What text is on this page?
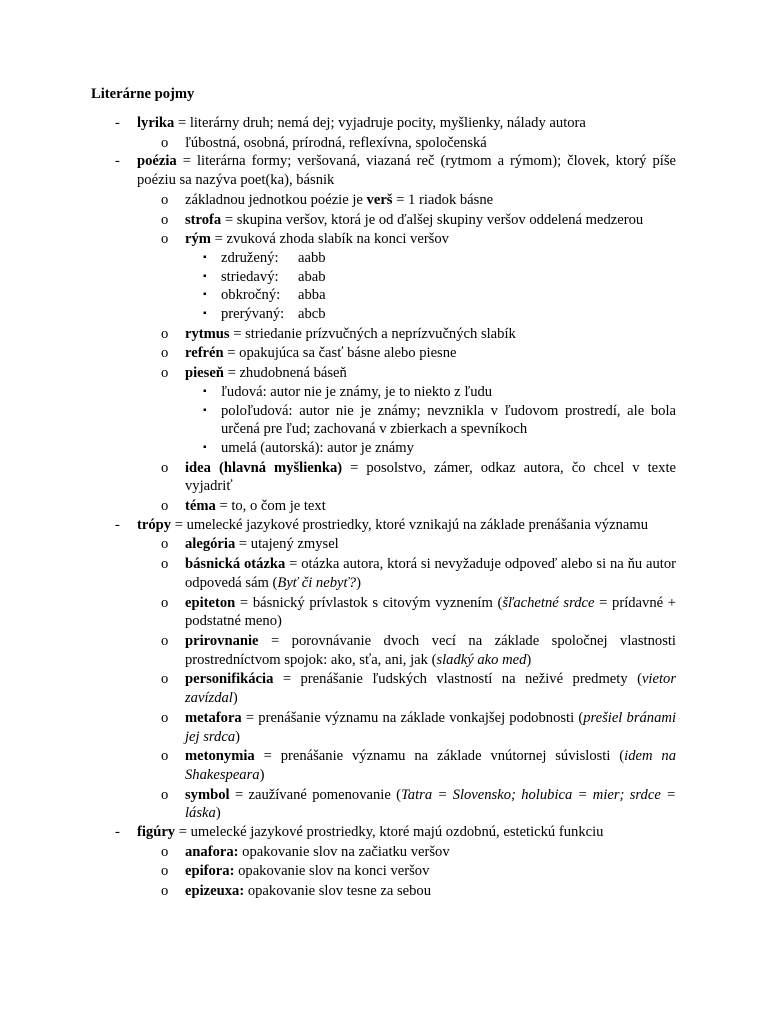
Literárne pojmy
- lyrika = literárny druh; nemá dej; vyjadruje pocity, myšlienky, nálady autora
o ľúbostná, osobná, prírodná, reflexívna, spoločenská
- poézia = literárna formy; veršovaná, viazaná reč (rytmom a rýmom); človek, ktorý píše poéziu sa nazýva poet(ka), básnik
o základnou jednotkou poézie je verš = 1 riadok básne
o strofa = skupina veršov, ktorá je od ďalšej skupiny veršov oddelená medzerou
o rým = zvuková zhoda slabík na konci veršov
▪ združený: aabb
▪ striedavý: abab
▪ obkročný: abba
▪ prerývaný: abcb
o rytmus = striedanie prízvučných a neprízvučných slabík
o refrén = opakujúca sa časť básne alebo piesne
o pieseň = zhudobnená báseň
▪ ľudová: autor nie je známy, je to niekto z ľudu
▪ poloľudová: autor nie je známy; nevznikla v ľudovom prostredí, ale bola určená pre ľud; zachovaná v zbierkach a spevníkoch
▪ umelá (autorská): autor je známy
o idea (hlavná myšlienka) = posolstvo, zámer, odkaz autora, čo chcel v texte vyjadriť
o téma = to, o čom je text
- trópy = umelecké jazykové prostriedky, ktoré vznikajú na základe prenášania významu
o alegória = utajený zmysel
o básnická otázka = otázka autora, ktorá si nevyžaduje odpoveď alebo si na ňu autor odpovedá sám (Byť či nebyť?)
o epiteton = básnický prívlastok s citovým vyznením (šľachetné srdce = prídavné + podstatné meno)
o prirovnanie = porovnávanie dvoch vecí na základe spoločnej vlastnosti prostredníctvom spojok: ako, sťa, ani, jak (sladký ako med)
o personifikácia = prenášanie ľudských vlastností na neživé predmety (vietor zavízdal)
o metafora = prenášanie významu na základe vonkajšej podobnosti (prešiel bránami jej srdca)
o metonymia = prenášanie významu na základe vnútornej súvislosti (idem na Shakespeara)
o symbol = zaužívané pomenovanie (Tatra = Slovensko; holubica = mier; srdce = láska)
- figúry = umelecké jazykové prostriedky, ktoré majú ozdobnú, estetickú funkciu
o anafora: opakovanie slov na začiatku veršov
o epifora: opakovanie slov na konci veršov
o epizeuxa: opakovanie slov tesne za sebou
